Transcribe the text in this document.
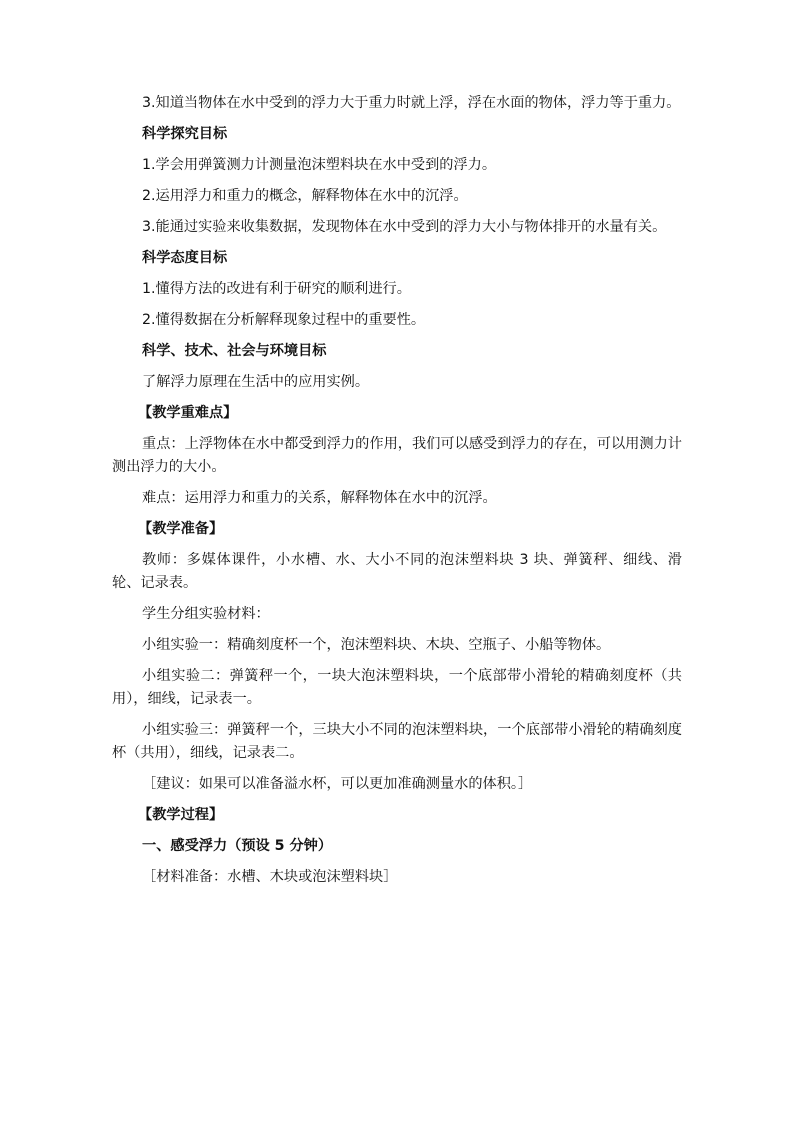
3.知道当物体在水中受到的浮力大于重力时就上浮，浮在水面的物体，浮力等于重力。

科学探究目标

1.学会用弹簧测力计测量泡沫塑料块在水中受到的浮力。

2.运用浮力和重力的概念，解释物体在水中的沉浮。

3.能通过实验来收集数据，发现物体在水中受到的浮力大小与物体排开的水量有关。

科学态度目标

1.懂得方法的改进有利于研究的顺利进行。

2.懂得数据在分析解释现象过程中的重要性。

科学、技术、社会与环境目标

了解浮力原理在生活中的应用实例。

【教学重难点】

重点：上浮物体在水中都受到浮力的作用，我们可以感受到浮力的存在，可以用测力计测出浮力的大小。

难点：运用浮力和重力的关系，解释物体在水中的沉浮。

【教学准备】

教师：多媒体课件，小水槽、水、大小不同的泡沫塑料块 3 块、弹簧秤、细线、滑轮、记录表。

学生分组实验材料：

小组实验一：精确刻度杯一个，泡沫塑料块、木块、空瓶子、小船等物体。

小组实验二：弹簧秤一个，一块大泡沫塑料块，一个底部带小滑轮的精确刻度杯（共用），细线，记录表一。

小组实验三：弹簧秤一个，三块大小不同的泡沫塑料块，一个底部带小滑轮的精确刻度杯（共用），细线，记录表二。

［建议：如果可以准备溢水杯，可以更加准确测量水的体积。］

【教学过程】

一、感受浮力（预设 5 分钟）

［材料准备：水槽、木块或泡沫塑料块］
